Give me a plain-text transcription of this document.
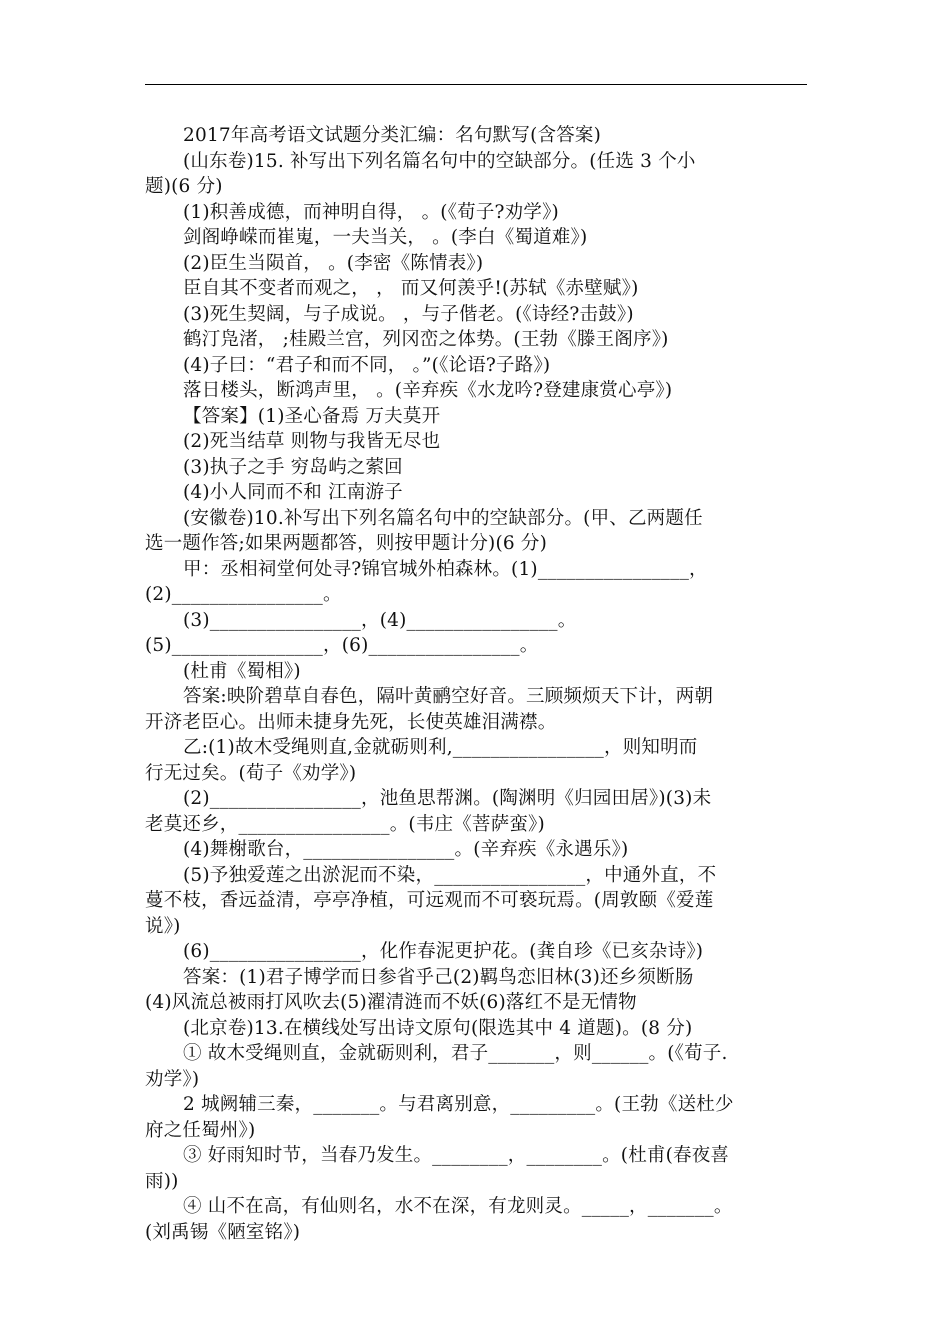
2017年高考语文试题分类汇编：名句默写(含答案)
(山东卷)15. 补写出下列名篇名句中的空缺部分。(任选 3 个小
题)(6 分)
(1)积善成德，而神明自得， 。(《荀子?劝学》)
剑阁峥嵘而崔嵬，一夫当关， 。(李白《蜀道难》)
(2)臣生当陨首， 。(李密《陈情表》)
臣自其不变者而观之， ， 而又何羡乎!(苏轼《赤壁赋》)
(3)死生契阔，与子成说。 ，与子偕老。(《诗经?击鼓》)
鹤汀凫渚， ;桂殿兰宫，列冈峦之体势。(王勃《滕王阁序》)
(4)子曰：“君子和而不同， 。”(《论语?子路》)
落日楼头，断鸿声里， 。(辛弃疾《水龙吟?登建康赏心亭》)
【答案】(1)圣心备焉 万夫莫开
(2)死当结草 则物与我皆无尽也
(3)执子之手 穷岛屿之萦回
(4)小人同而不和 江南游子
(安徽卷)10.补写出下列名篇名句中的空缺部分。(甲、乙两题任
选一题作答;如果两题都答，则按甲题计分)(6 分)
甲：丞相祠堂何处寻?锦官城外柏森林。(1)________________，
(2)________________。
(3)________________，(4)________________。
(5)________________，(6)________________。
(杜甫《蜀相》)
答案:映阶碧草自春色，隔叶黄鹂空好音。三顾频烦天下计，两朝
开济老臣心。出师未捷身先死，长使英雄泪满襟。
乙:(1)故木受绳则直,金就砺则利,________________，则知明而
行无过矣。(荀子《劝学》)
(2)________________，池鱼思帮渊。(陶渊明《归园田居》)(3)未
老莫还乡，________________。(韦庄《菩萨蛮》)
(4)舞榭歌台，________________。(辛弃疾《永遇乐》)
(5)予独爱莲之出淤泥而不染，________________，中通外直，不
蔓不枝，香远益清，亭亭净植，可远观而不可亵玩焉。(周敦颐《爱莲
说》)
(6)________________，化作春泥更护花。(龚自珍《已亥杂诗》)
答案：(1)君子博学而日参省乎己(2)羁鸟恋旧林(3)还乡须断肠
(4)风流总被雨打风吹去(5)濯清涟而不妖(6)落红不是无情物
(北京卷)13.在横线处写出诗文原句(限选其中 4 道题)。(8 分)
① 故木受绳则直，金就砺则利，君子_______，则______。(《荀子.
劝学》)
2 城阙辅三秦，_______。与君离别意，_________。(王勃《送杜少
府之任蜀州》)
③ 好雨知时节，当春乃发生。________，________。(杜甫(春夜喜
雨))
④ 山不在高，有仙则名，水不在深，有龙则灵。_____，_______。
(刘禹锡《陋室铭》)
